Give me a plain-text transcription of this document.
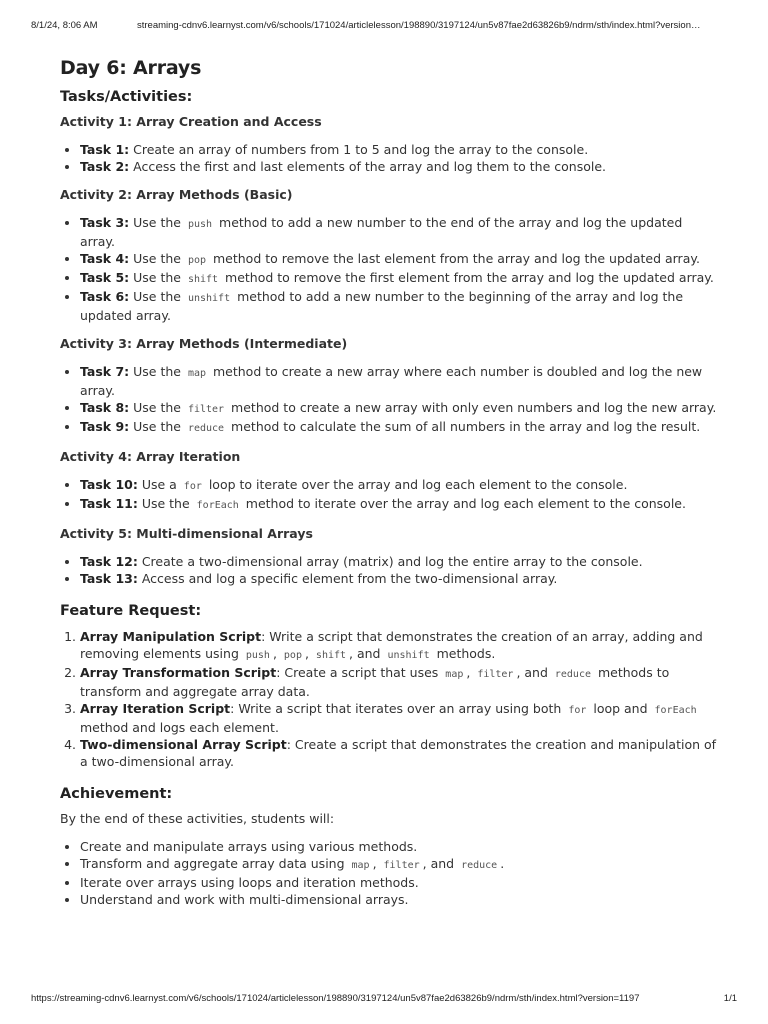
8/1/24, 8:06 AM	streaming-cdnv6.learnyst.com/v6/schools/171024/articlelesson/198890/3197124/un5v87fae2d63826b9/ndrm/sth/index.html?version…
Day 6: Arrays
Tasks/Activities:
Activity 1: Array Creation and Access
• Task 1: Create an array of numbers from 1 to 5 and log the array to the console.
• Task 2: Access the first and last elements of the array and log them to the console.
Activity 2: Array Methods (Basic)
• Task 3: Use the push method to add a new number to the end of the array and log the updated array.
• Task 4: Use the pop method to remove the last element from the array and log the updated array.
• Task 5: Use the shift method to remove the first element from the array and log the updated array.
• Task 6: Use the unshift method to add a new number to the beginning of the array and log the updated array.
Activity 3: Array Methods (Intermediate)
• Task 7: Use the map method to create a new array where each number is doubled and log the new array.
• Task 8: Use the filter method to create a new array with only even numbers and log the new array.
• Task 9: Use the reduce method to calculate the sum of all numbers in the array and log the result.
Activity 4: Array Iteration
• Task 10: Use a for loop to iterate over the array and log each element to the console.
• Task 11: Use the forEach method to iterate over the array and log each element to the console.
Activity 5: Multi-dimensional Arrays
• Task 12: Create a two-dimensional array (matrix) and log the entire array to the console.
• Task 13: Access and log a specific element from the two-dimensional array.
Feature Request:
1. Array Manipulation Script: Write a script that demonstrates the creation of an array, adding and removing elements using push , pop , shift , and unshift methods.
2. Array Transformation Script: Create a script that uses map , filter , and reduce methods to transform and aggregate array data.
3. Array Iteration Script: Write a script that iterates over an array using both for loop and forEach method and logs each element.
4. Two-dimensional Array Script: Create a script that demonstrates the creation and manipulation of a two-dimensional array.
Achievement:

By the end of these activities, students will:

• Create and manipulate arrays using various methods.
• Transform and aggregate array data using map , filter , and reduce .
• Iterate over arrays using loops and iteration methods.
• Understand and work with multi-dimensional arrays.
https://streaming-cdnv6.learnyst.com/v6/schools/171024/articlelesson/198890/3197124/un5v87fae2d63826b9/ndrm/sth/index.html?version=1197	1/1
